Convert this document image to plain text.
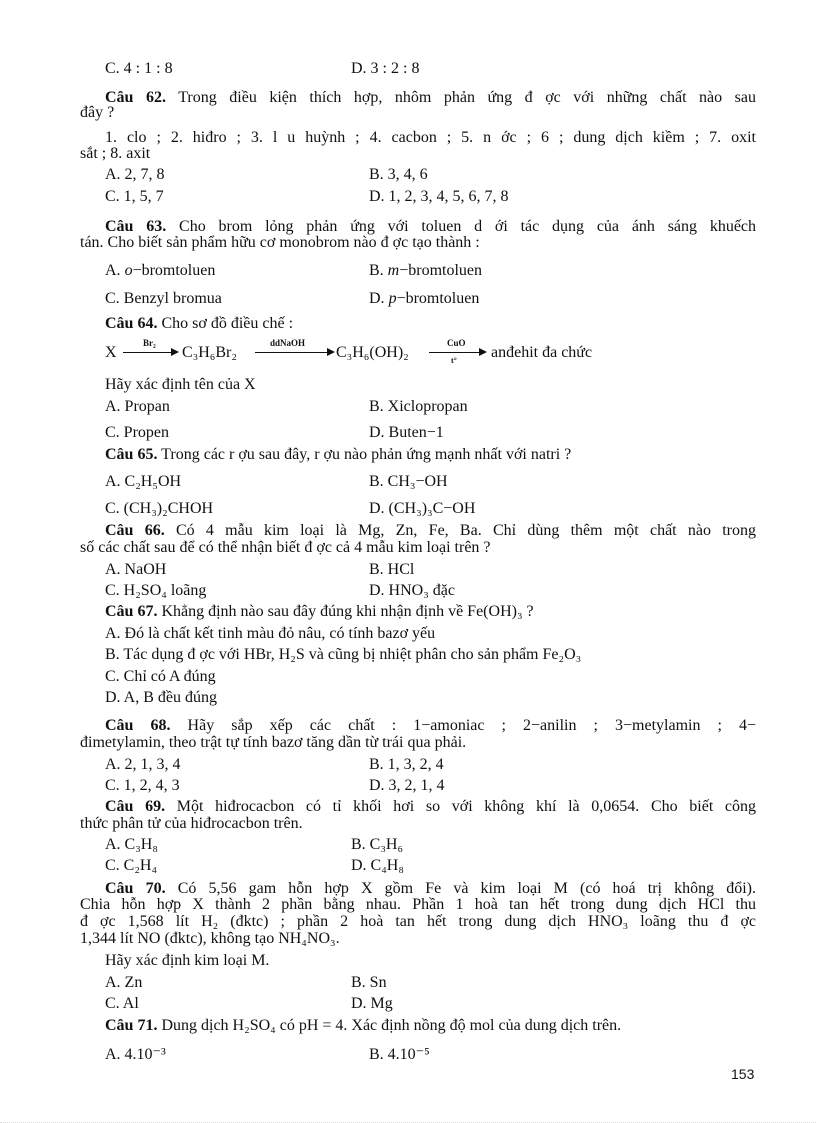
C. 4 : 1 : 8	D. 3 : 2 : 8
Câu 62. Trong điều kiện thích hợp, nhôm phản ứng đ ợc với những chất nào sau
đây ?
1. clo ; 2. hiđro ; 3. l u huỳnh ; 4. cacbon ; 5. n ớc ; 6 ; dung dịch kiềm ; 7. oxit
sắt ; 8. axit
A. 2, 7, 8	B. 3, 4, 6
C. 1, 5, 7	D. 1, 2, 3, 4, 5, 6, 7, 8
Câu 63. Cho brom lỏng phản ứng với toluen d ới tác dụng của ánh sáng khuếch
tán. Cho biết sản phẩm hữu cơ monobrom nào đ ợc tạo thành :
A. o−bromtoluen	B. m−bromtoluen
C. Benzyl bromua	D. p−bromtoluen
Câu 64. Cho sơ đồ điều chế :
X
Br₂
C₃H₆Br₂
ddNaOH
C₃H₆(OH)₂
CuO
t° anđehit đa chức
Hãy xác định tên của X
A. Propan	B. Xiclopropan
C. Propen	D. Buten−1
Câu 65. Trong các r ợu sau đây, r ợu nào phản ứng mạnh nhất với natri ?
A. C₂H₅OH	B. CH₃−OH
C. (CH₃)₂CHOH	D. (CH₃)₃C−OH
Câu 66. Có 4 mẫu kim loại là Mg, Zn, Fe, Ba. Chỉ dùng thêm một chất nào trong
số các chất sau để có thể nhận biết đ ợc cả 4 mẫu kim loại trên ?
A. NaOH	B. HCl
C. H₂SO₄ loãng	D. HNO₃ đặc
Câu 67. Khẳng định nào sau đây đúng khi nhận định về Fe(OH)₃ ?
A. Đó là chất kết tinh màu đỏ nâu, có tính bazơ yếu
B. Tác dụng đ ợc với HBr, H₂S và cũng bị nhiệt phân cho sản phẩm Fe₂O₃
C. Chỉ có A đúng
D. A, B đều đúng
Câu 68. Hãy sắp xếp các chất : 1−amoniac ; 2−anilin ; 3−metylamin ; 4−
đimetylamin, theo trật tự tính bazơ tăng dần từ trái qua phải.
A. 2, 1, 3, 4	B. 1, 3, 2, 4
C. 1, 2, 4, 3	D. 3, 2, 1, 4
Câu 69. Một hiđrocacbon có tỉ khối hơi so với không khí là 0,0654. Cho biết công
thức phân tử của hiđrocacbon trên.
A. C₃H₈	B. C₃H₆
C. C₂H₄	D. C₄H₈
Câu 70. Có 5,56 gam hỗn hợp X gồm Fe và kim loại M (có hoá trị không đổi).
Chia hỗn hợp X thành 2 phần bằng nhau. Phần 1 hoà tan hết trong dung dịch HCl thu
đ ợc 1,568 lít H₂ (đktc) ; phần 2 hoà tan hết trong dung dịch HNO₃ loãng thu đ ợc
1,344 lít NO (đktc), không tạo NH₄NO₃.
Hãy xác định kim loại M.
A. Zn	B. Sn
C. Al	D. Mg
Câu 71. Dung dịch H₂SO₄ có pH = 4. Xác định nồng độ mol của dung dịch trên.
A. 4.10⁻³	B. 4.10⁻⁵
153
